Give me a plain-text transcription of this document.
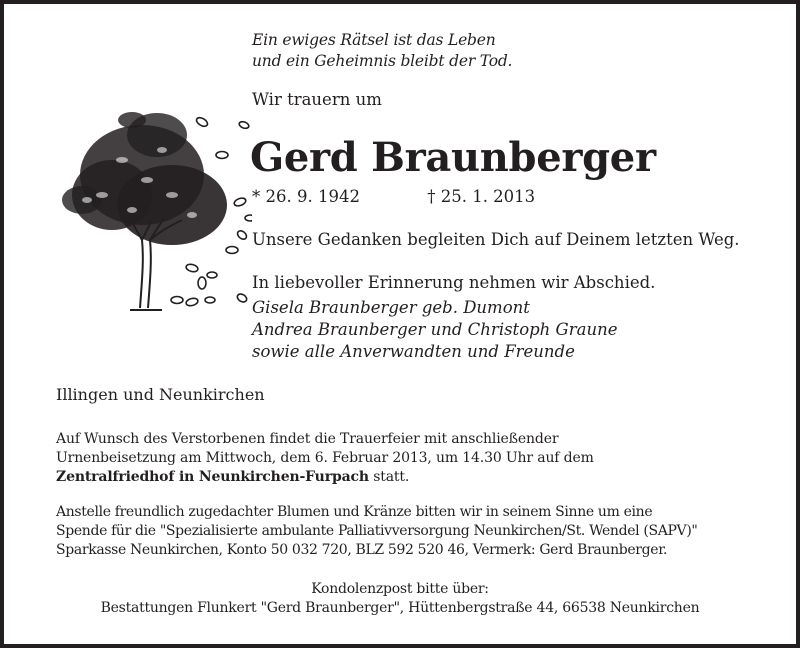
Ein ewiges Rätsel ist das Leben
und ein Geheimnis bleibt der Tod.
Wir trauern um
Gerd Braunberger
* 26. 9. 1942	† 25. 1. 2013
Unsere Gedanken begleiten Dich auf Deinem letzten Weg.
In liebevoller Erinnerung nehmen wir Abschied.
Gisela Braunberger geb. Dumont
Andrea Braunberger und Christoph Graune
sowie alle Anverwandten und Freunde
Illingen und Neunkirchen
Auf Wunsch des Verstorbenen findet die Trauerfeier mit anschließender
Urnenbeisetzung am Mittwoch, dem 6. Februar 2013, um 14.30 Uhr auf dem
Zentralfriedhof in Neunkirchen-Furpach statt.
Anstelle freundlich zugedachter Blumen und Kränze bitten wir in seinem Sinne um eine
Spende für die "Spezialisierte ambulante Palliativversorgung Neunkirchen/St. Wendel (SAPV)"
Sparkasse Neunkirchen, Konto 50 032 720, BLZ 592 520 46, Vermerk: Gerd Braunberger.
Kondolenzpost bitte über:
Bestattungen Flunkert "Gerd Braunberger", Hüttenbergstraße 44, 66538 Neunkirchen
